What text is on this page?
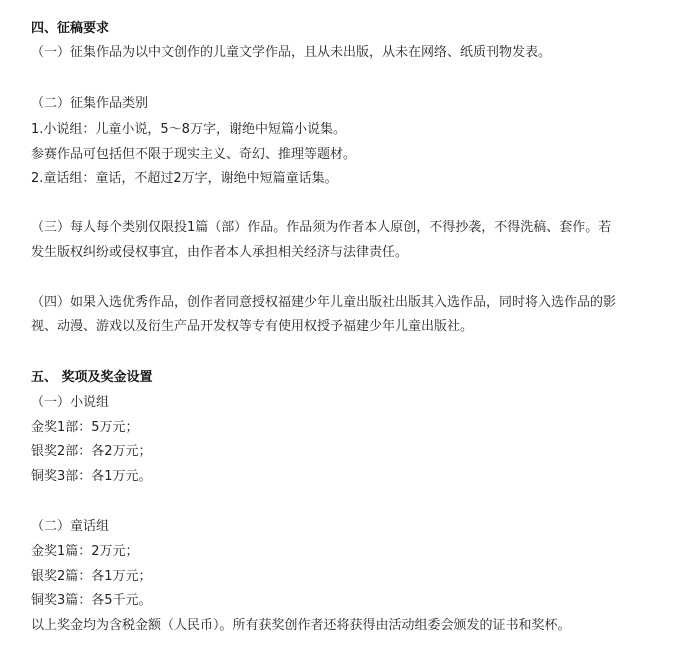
四、征稿要求
（一）征集作品为以中文创作的儿童文学作品，且从未出版，从未在网络、纸质刊物发表。
（二）征集作品类别
1.小说组：儿童小说，5～8万字，谢绝中短篇小说集。
参赛作品可包括但不限于现实主义、奇幻、推理等题材。
2.童话组：童话，不超过2万字，谢绝中短篇童话集。
（三）每人每个类别仅限投1篇（部）作品。作品须为作者本人原创，不得抄袭，不得洗稿、套作。若
发生版权纠纷或侵权事宜，由作者本人承担相关经济与法律责任。
（四）如果入选优秀作品，创作者同意授权福建少年儿童出版社出版其入选作品，同时将入选作品的影
视、动漫、游戏以及衍生产品开发权等专有使用权授予福建少年儿童出版社。
五、 奖项及奖金设置
（一）小说组
金奖1部：5万元；
银奖2部：各2万元；
铜奖3部：各1万元。
（二）童话组
金奖1篇：2万元；
银奖2篇：各1万元；
铜奖3篇：各5千元。
以上奖金均为含税金额（人民币）。所有获奖创作者还将获得由活动组委会颁发的证书和奖杯。
